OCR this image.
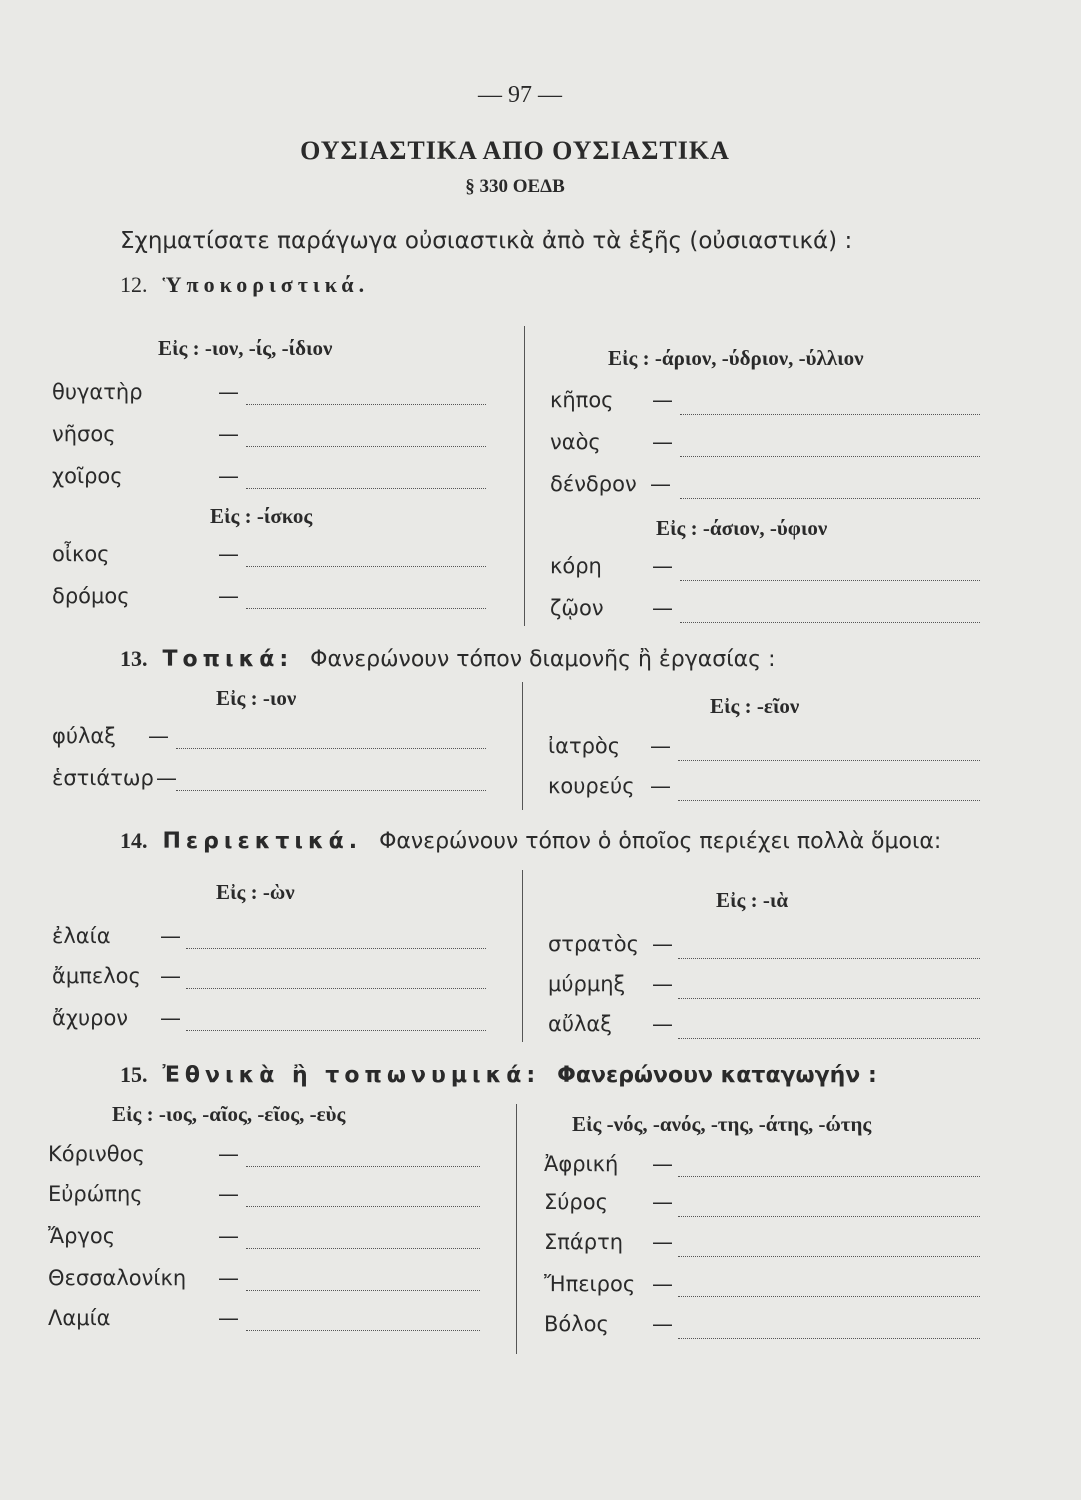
— 97 —
ΟΥΣΙΑΣΤΙΚΑ ΑΠΟ ΟΥΣΙΑΣΤΙΚΑ
§ 330 ΟΕΔΒ
Σχηματίσατε παράγωγα οὐσιαστικὰ ἀπὸ τὰ ἑξῆς (οὐσιαστικά) :
12. Ὑποκοριστικά.
Εἰς : -ιον, -ίς, -ίδιον
θυγατὴρ	—
νῆσος	—
χοῖρος	—
Εἰς : -ίσκος
οἶκος	—
δρόμος	—
Εἰς : -άριον, -ύδριον, -ύλλιον
κῆπος —
ναὸς —
δένδρον —
Εἰς : -άσιον, -ύφιον
κόρη —
ζῷον —
13. Τοπικά: Φανερώνουν τόπον διαμονῆς ἢ ἐργασίας :
Εἰς : -ιον
φύλαξ —
ἑστιάτωρ —
Εἰς : -εῖον
ἰατρὸς —
κουρεύς —
14. Περιεκτικά. Φανερώνουν τόπον ὁ ὁποῖος περιέχει πολλὰ ὅμοια:
Εἰς : -ὼν
ἐλαία —
ἄμπελος —
ἄχυρον —
Εἰς : -ιὰ
στρατὸς —
μύρμηξ —
αὔλαξ —
15. Ἐθνικὰ ἢ τοπωνυμικά: Φανερώνουν καταγωγήν :
Εἰς : -ιος, -αῖος, -εῖος, -εὺς
Κόρινθος	—
Εὐρώπης	—
Ἄργος	—
Θεσσαλονίκη —
Λαμία	—
Εἰς -νός, -ανός, -της, -άτης, -ώτης
Ἀφρική —
Σύρος —
Σπάρτη —
Ἤπειρος —
Βόλος —
